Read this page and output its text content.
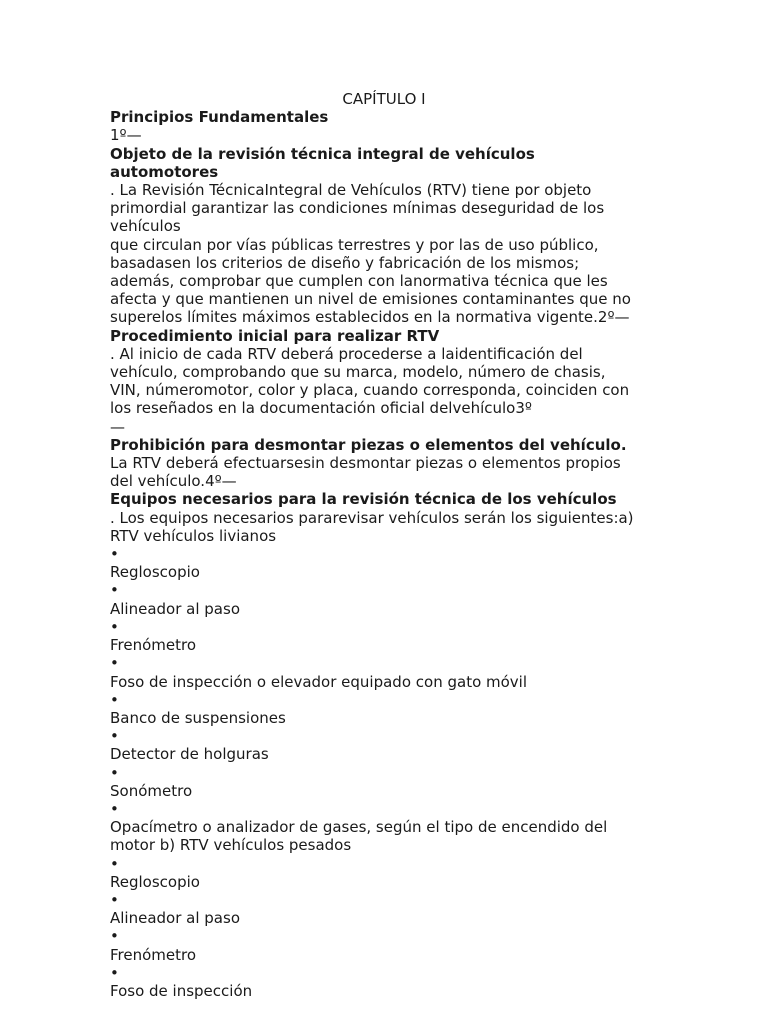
CAPÍTULO I
Principios Fundamentales
1º—
Objeto de la revisión técnica integral de vehículos
automotores
. La Revisión TécnicaIntegral de Vehículos (RTV) tiene por objeto
primordial garantizar las condiciones mínimas deseguridad de los
vehículos
que circulan por vías públicas terrestres y por las de uso público,
basadasen los criterios de diseño y fabricación de los mismos;
además, comprobar que cumplen con lanormativa técnica que les
afecta y que mantienen un nivel de emisiones contaminantes que no
superelos límites máximos establecidos en la normativa vigente.2º—
Procedimiento inicial para realizar RTV
. Al inicio de cada RTV deberá procederse a laidentificación del
vehículo, comprobando que su marca, modelo, número de chasis,
VIN, númeromotor, color y placa, cuando corresponda, coinciden con
los reseñados en la documentación oficial delvehículo3º
—
Prohibición para desmontar piezas o elementos del vehículo.
La RTV deberá efectuarsesin desmontar piezas o elementos propios
del vehículo.4º—
Equipos necesarios para la revisión técnica de los vehículos
. Los equipos necesarios pararevisar vehículos serán los siguientes:a)
RTV vehículos livianos
•
Regloscopio
•
Alineador al paso
•
Frenómetro
•
Foso de inspección o elevador equipado con gato móvil
•
Banco de suspensiones
•
Detector de holguras
•
Sonómetro
•
Opacímetro o analizador de gases, según el tipo de encendido del
motor b) RTV vehículos pesados
•
Regloscopio
•
Alineador al paso
•
Frenómetro
•
Foso de inspección
